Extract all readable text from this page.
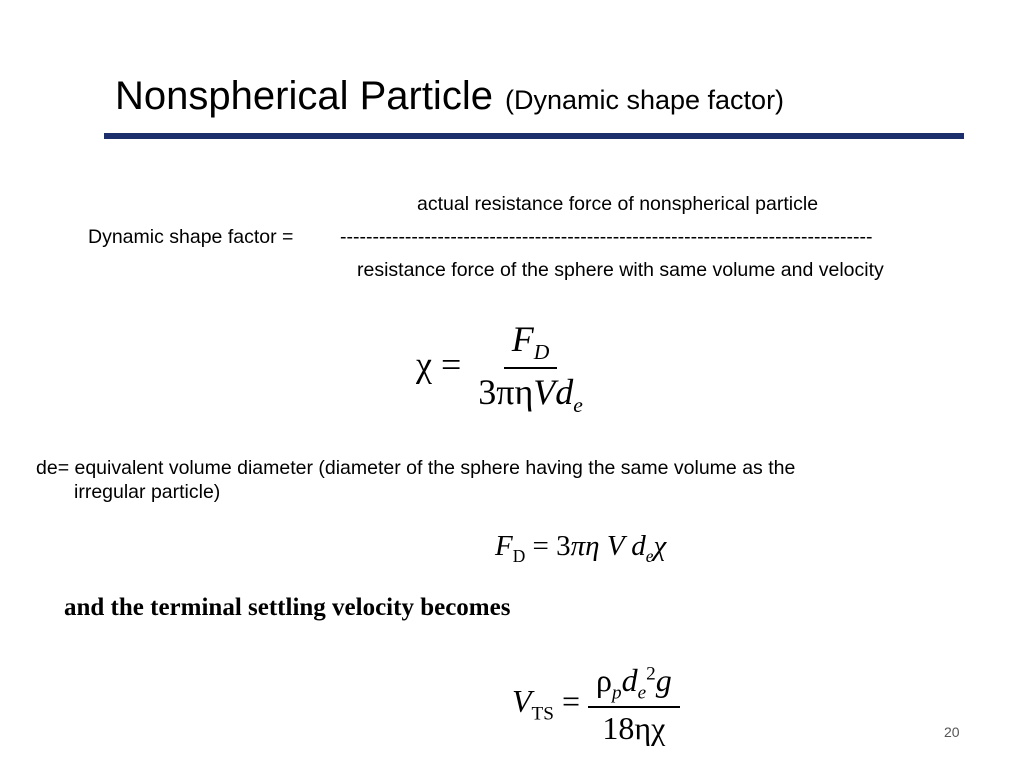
Nonspherical Particle (Dynamic shape factor)
actual resistance force of nonspherical particle
Dynamic shape factor = ----------------------------------------------------------------------------------
resistance force of the sphere with same volume and velocity
$\chi = \frac{F_D}{3\pi\eta Vd_e}$
de= equivalent volume diameter (diameter of the sphere having the same volume as the
irregular particle)
$F_D = 3\pi\eta$ V $d_e\chi$
and the terminal settling velocity becomes
$V_{TS} = \frac{\rho_pd_e^2g}{18\eta\chi}$	20
